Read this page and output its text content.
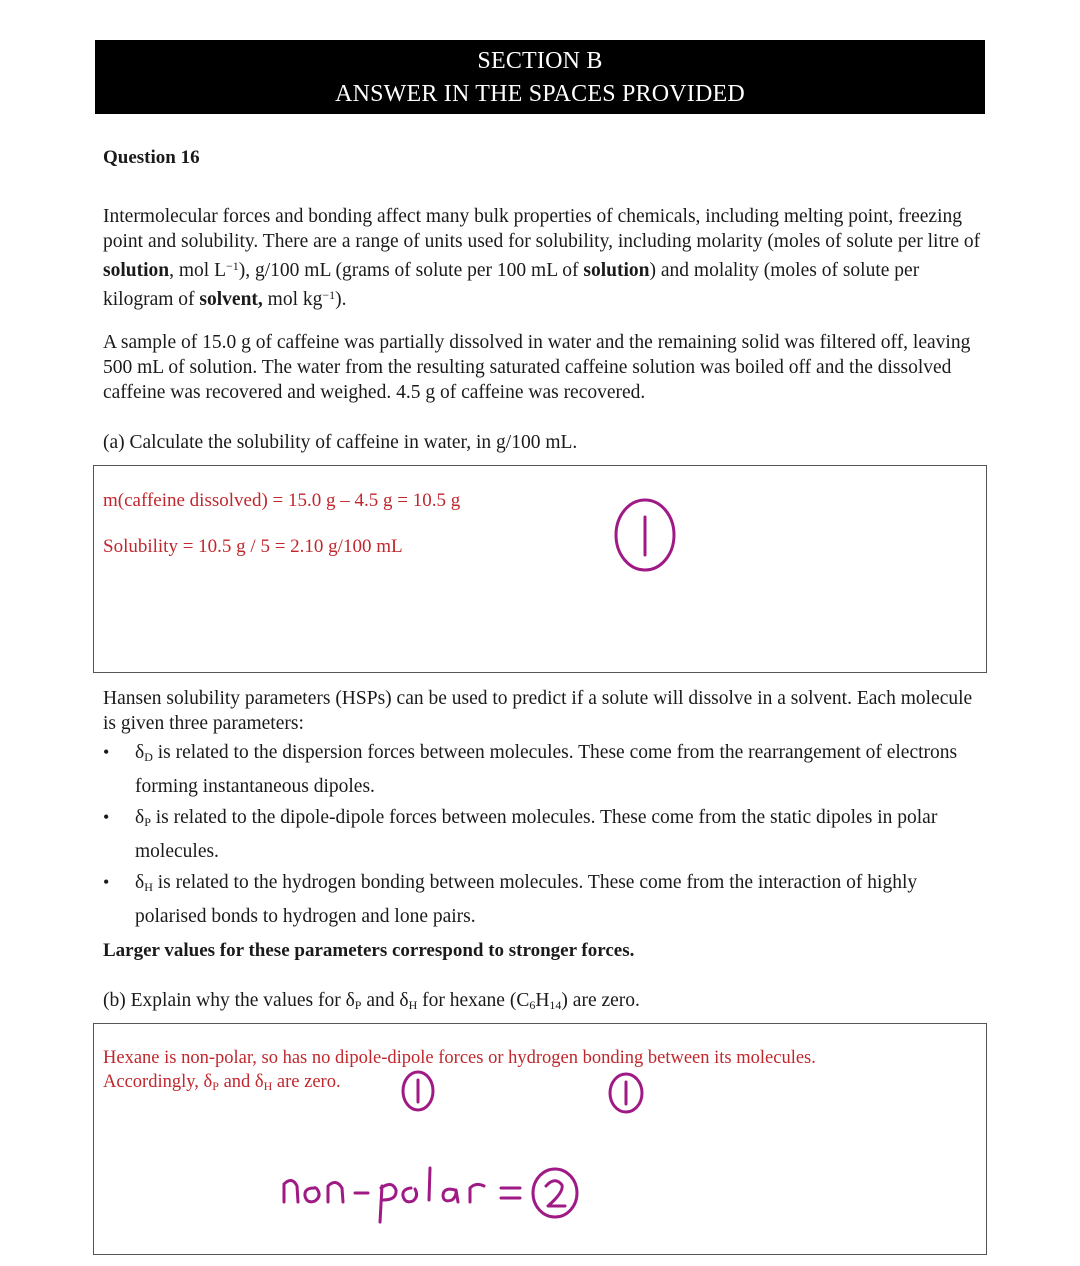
SECTION B
ANSWER IN THE SPACES PROVIDED
Question 16

Intermolecular forces and bonding affect many bulk properties of chemicals, including melting point, freezing point and solubility. There are a range of units used for solubility, including molarity (moles of solute per litre of solution, mol $L^{-1}$), g/100 mL (grams of solute per 100 mL of solution) and molality (moles of solute per kilogram of solvent, mol $kg^{-1}$).

A sample of 15.0 g of caffeine was partially dissolved in water and the remaining solid was filtered off, leaving 500 mL of solution. The water from the resulting saturated caffeine solution was boiled off and the dissolved caffeine was recovered and weighed. 4.5 g of caffeine was recovered.

(a) Calculate the solubility of caffeine in water, in g/100 mL.
m(caffeine dissolved) = 15.0 g – 4.5 g = 10.5 g
Solubility = 10.5 g / 5 = 2.10 g/100 mL
Hansen solubility parameters (HSPs) can be used to predict if a solute will dissolve in a solvent. Each molecule is given three parameters:
• $\delta_D$ is related to the dispersion forces between molecules. These come from the rearrangement of electrons forming instantaneous dipoles.
• $\delta_P$ is related to the dipole-dipole forces between molecules. These come from the static dipoles in polar molecules.
• $\delta_H$ is related to the hydrogen bonding between molecules. These come from the interaction of highly polarised bonds to hydrogen and lone pairs.
Larger values for these parameters correspond to stronger forces.
(b) Explain why the values for $\delta_P$ and $\delta_H$ for hexane $(C_6H_{14})$ are zero.
Hexane is non-polar, so has no dipole-dipole forces or hydrogen bonding between its molecules.
Accordingly, $\delta_P$ and $\delta_H$ are zero.
